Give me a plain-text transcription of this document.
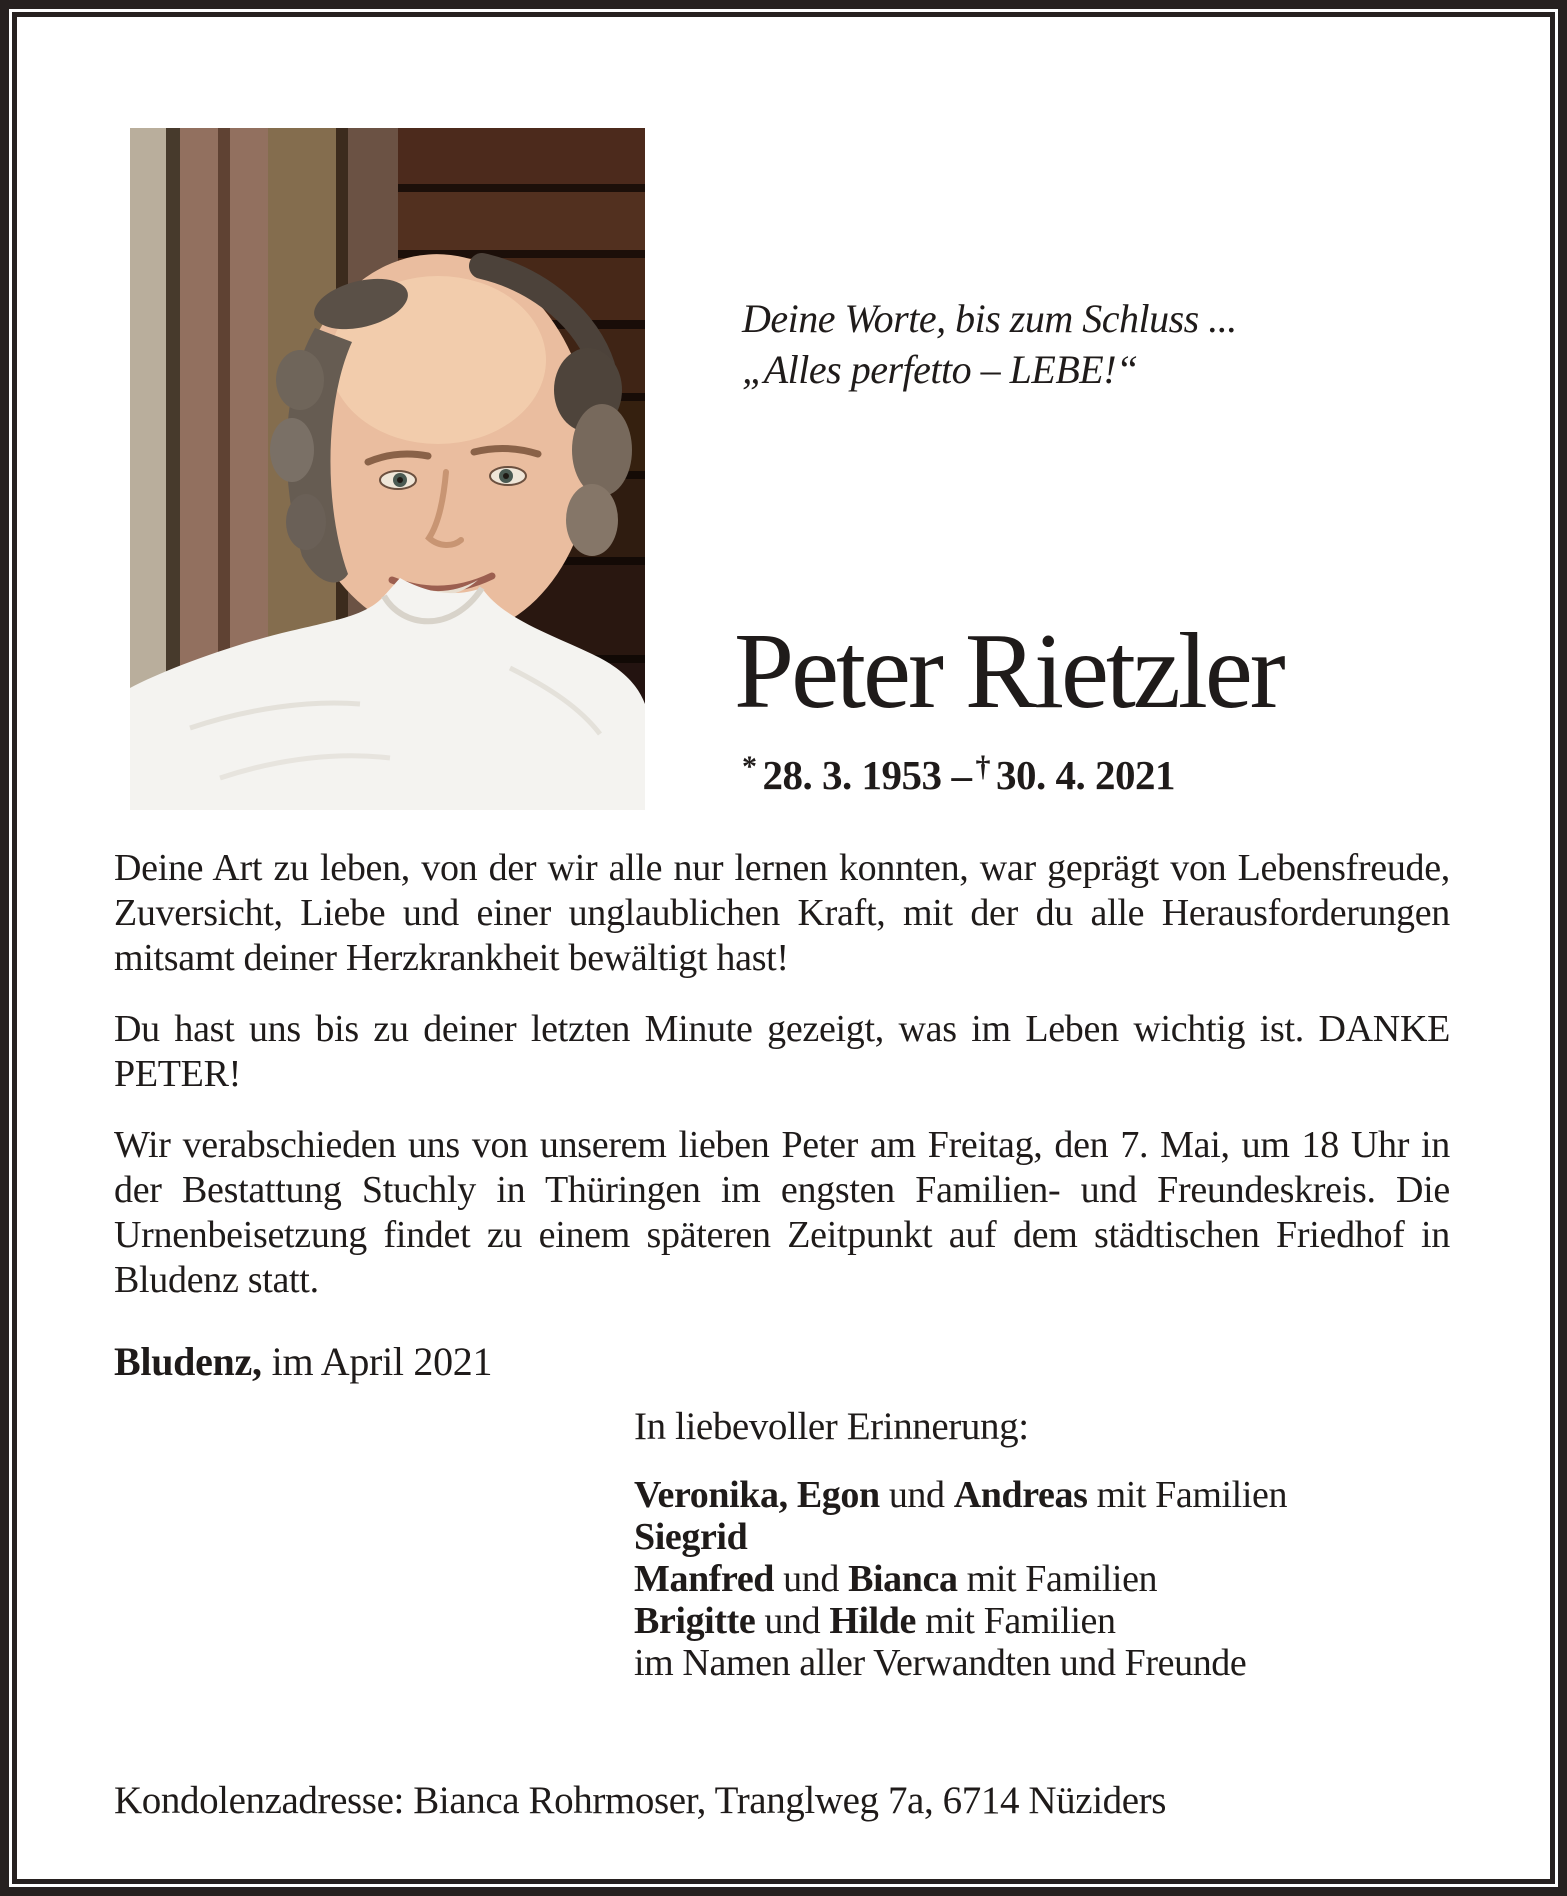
Deine Worte, bis zum Schluss ...
„Alles perfetto – LEBE!“
Peter Rietzler
* 28. 3. 1953 – † 30. 4. 2021

Deine Art zu leben, von der wir alle nur lernen konnten, war geprägt von Lebensfreude, Zuversicht, Liebe und einer unglaublichen Kraft, mit der du alle Herausforderungen mitsamt deiner Herzkrankheit bewältigt hast!

Du hast uns bis zu deiner letzten Minute gezeigt, was im Leben wichtig ist. DANKE PETER!

Wir verabschieden uns von unserem lieben Peter am Freitag, den 7. Mai, um 18 Uhr in der Bestattung Stuchly in Thüringen im engsten Familien- und Freundeskreis. Die Urnenbeisetzung findet zu einem späteren Zeitpunkt auf dem städtischen Friedhof in Bludenz statt.

Bludenz, im April 2021
In liebevoller Erinnerung:
Veronika, Egon und Andreas mit Familien
Siegrid
Manfred und Bianca mit Familien
Brigitte und Hilde mit Familien
im Namen aller Verwandten und Freunde
Kondolenzadresse: Bianca Rohrmoser, Tranglweg 7a, 6714 Nüziders
